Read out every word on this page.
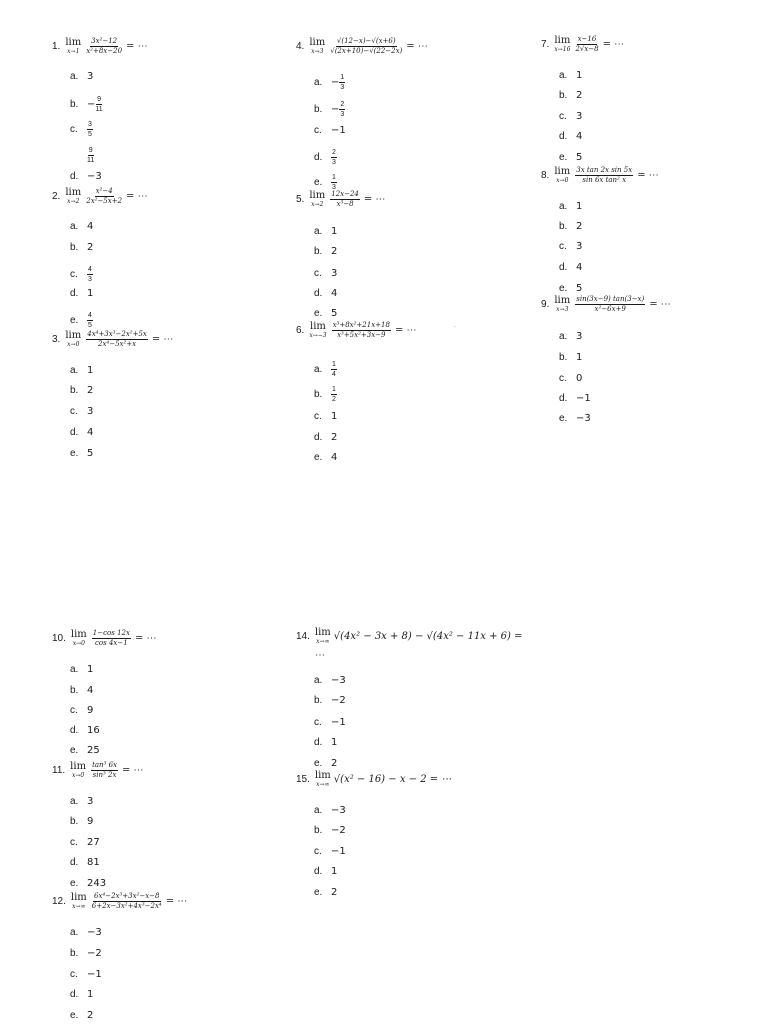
1. lim
$x\to 1 \frac{\text{3x²−12}}{\text{x²+8x−20}}$ = ⋯
a. 3
b. − $\frac{9}{11}$
c.	$\frac{3}{5}$
$\frac{9}{11}$
d. −3
2. lim
$x\to 2 \frac{\text{x²−4}}{\text{2x²−5x+2}}$ = ⋯
a. 4
b. 2
c.	$\frac{4}{3}$
d. 1
e.	$\frac{4}{5}$
3. lim
$x\to 0 \frac{\text{4x⁴+3x³−2x²+5x}}{\text{2x⁴−5x²+x}}$ = ⋯
a. 1
b. 2
c. 3
d. 4
e. 5
4. lim
$x\to 3 \frac{√(12-x)-√(x+6)}{√(2x+10)-√(22-2x)}$ = ⋯
a. − $\frac{1}{3}$
b. − $\frac{2}{3}$
c. −1
d.	$\frac{2}{3}$
e.	$\frac{1}{3}$
5. lim
$x\to 2 \frac{12x-24}{\text{x³−8}}$ = ⋯
a. 1
b. 2
c. 3
d. 4
e. 5
6. lim
$x\to-3 \frac{\text{x³+8x²+21x+18}}{\text{x³+5x²+3x−9}}$ = ⋯
a.	$\frac{1}{4}$
b.	$\frac{1}{2}$
c. 1
d. 2
e. 4
7. lim
$x\to 16 \frac{x-16}{2√x-8}$ = ⋯
a. 1
b. 2
c. 3
d. 4
e. 5
8. lim
$x\to 0 \frac{\text{3x tan 2x sin 5x}}{\text{sin 6x tan² x}}$ = ⋯
a. 1
b. 2
c. 3
d. 4
e. 5
9. lim
$x\to 3 \frac{\sin(3x-9) \tan(3-x)}{\text{x²−6x+9}}$ = ⋯
a. 3
b. 1
c. 0
d. −1
e. −3
10. lim
$x\to 0 \frac{1-\cos 12x}{\cos 4x-1}$ = ⋯
a. 1
b. 4
c. 9
d. 16
e. 25
11. lim
$x\to 0 \frac{\text{tan³ 6x}}{\text{sin³ 2x}}$ = ⋯
a. 3
b. 9
c. 27
d. 81
e. 243
12. lim
$x\to\infty \frac{\text{6x⁴−2x³+3x²−x−8}}{\text{6+2x−3x²+4x³−2x⁴}}$ = ⋯
a. −3
b. −2
c. −1
d. 1
e. 2
14. lim
x→∞ √(4x² − 3x + 8) − √(4x² − 11x + 6) =
⋯
a. −3
b. −2
c. −1
d. 1
e. 2
15. lim
x→∞ √(x² − 16) − x − 2 = ⋯
a. −3
b. −2
c. −1
d. 1
e. 2
.
